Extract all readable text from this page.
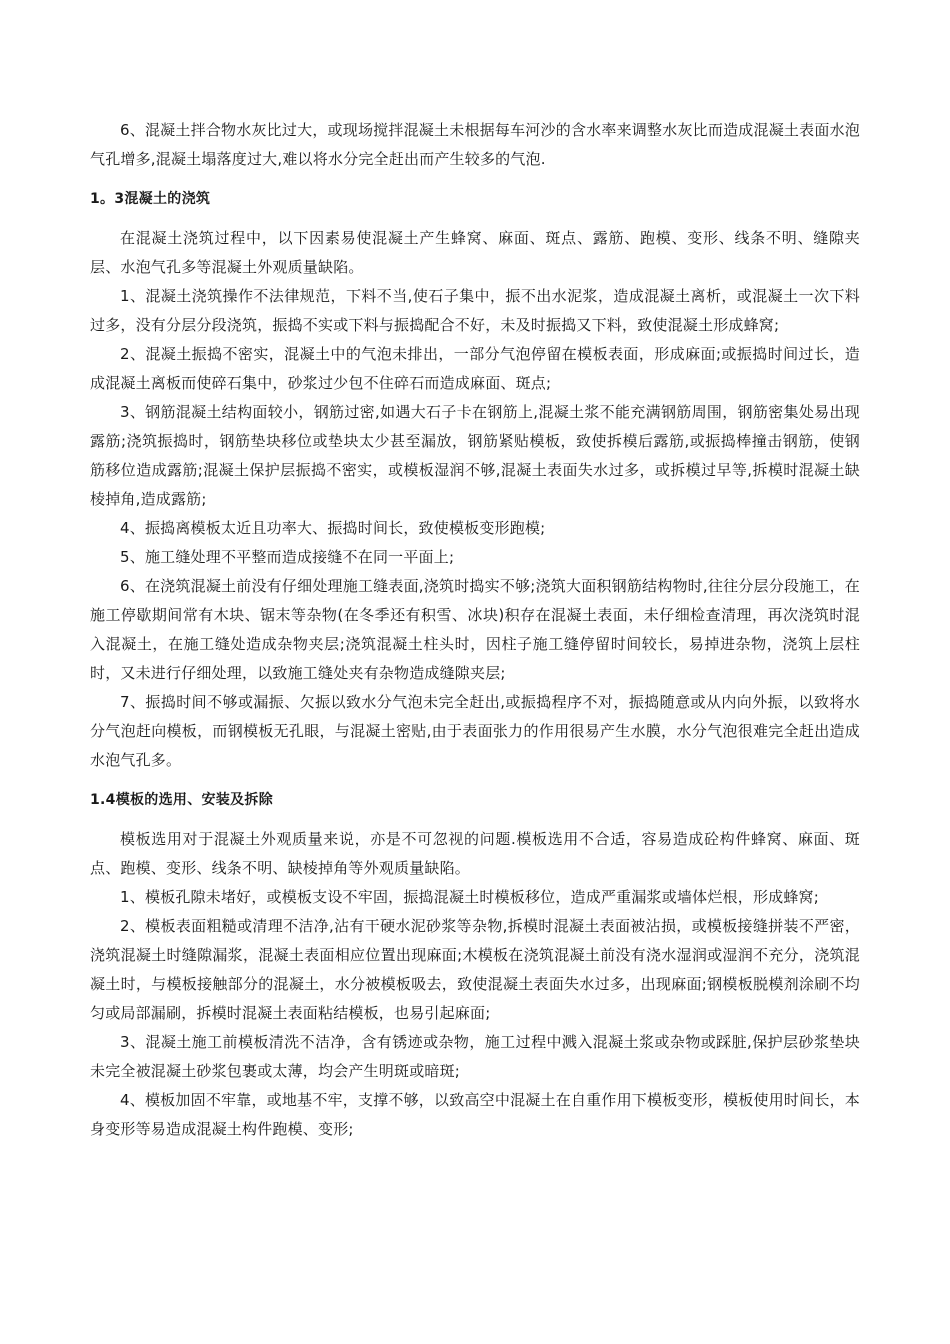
6、混凝土拌合物水灰比过大，或现场搅拌混凝土未根据每车河沙的含水率来调整水灰比而造成混凝土表面水泡气孔增多,混凝土塌落度过大,难以将水分完全赶出而产生较多的气泡.

1。3混凝土的浇筑

在混凝土浇筑过程中，以下因素易使混凝土产生蜂窝、麻面、斑点、露筋、跑模、变形、线条不明、缝隙夹层、水泡气孔多等混凝土外观质量缺陷。

1、混凝土浇筑操作不法律规范，下料不当,使石子集中，振不出水泥浆，造成混凝土离析，或混凝土一次下料过多，没有分层分段浇筑，振捣不实或下料与振捣配合不好，未及时振捣又下料，致使混凝土形成蜂窝;

2、混凝土振捣不密实，混凝土中的气泡未排出，一部分气泡停留在模板表面，形成麻面;或振捣时间过长，造成混凝土离板而使碎石集中，砂浆过少包不住碎石而造成麻面、斑点;

3、钢筋混凝土结构面较小，钢筋过密,如遇大石子卡在钢筋上,混凝土浆不能充满钢筋周围，钢筋密集处易出现露筋;浇筑振捣时，钢筋垫块移位或垫块太少甚至漏放，钢筋紧贴模板，致使拆模后露筋,或振捣棒撞击钢筋，使钢筋移位造成露筋;混凝土保护层振捣不密实，或模板湿润不够,混凝土表面失水过多，或拆模过早等,拆模时混凝土缺棱掉角,造成露筋;

4、振捣离模板太近且功率大、振捣时间长，致使模板变形跑模;

5、施工缝处理不平整而造成接缝不在同一平面上;

6、在浇筑混凝土前没有仔细处理施工缝表面,浇筑时捣实不够;浇筑大面积钢筋结构物时,往往分层分段施工，在施工停歇期间常有木块、锯末等杂物(在冬季还有积雪、冰块)积存在混凝土表面，未仔细检查清理，再次浇筑时混入混凝土，在施工缝处造成杂物夹层;浇筑混凝土柱头时，因柱子施工缝停留时间较长，易掉进杂物，浇筑上层柱时，又未进行仔细处理，以致施工缝处夹有杂物造成缝隙夹层;

7、振捣时间不够或漏振、欠振以致水分气泡未完全赶出,或振捣程序不对，振捣随意或从内向外振，以致将水分气泡赶向模板，而钢模板无孔眼，与混凝土密贴,由于表面张力的作用很易产生水膜，水分气泡很难完全赶出造成水泡气孔多。

1.4模板的选用、安装及拆除

模板选用对于混凝土外观质量来说，亦是不可忽视的问题.模板选用不合适，容易造成砼构件蜂窝、麻面、斑点、跑模、变形、线条不明、缺棱掉角等外观质量缺陷。

1、模板孔隙未堵好，或模板支设不牢固，振捣混凝土时模板移位，造成严重漏浆或墙体烂根，形成蜂窝;

2、模板表面粗糙或清理不洁净,沾有干硬水泥砂浆等杂物,拆模时混凝土表面被沾损，或模板接缝拼装不严密，浇筑混凝土时缝隙漏浆，混凝土表面相应位置出现麻面;木模板在浇筑混凝土前没有浇水湿润或湿润不充分，浇筑混凝土时，与模板接触部分的混凝土，水分被模板吸去，致使混凝土表面失水过多，出现麻面;钢模板脱模剂涂刷不均匀或局部漏刷，拆模时混凝土表面粘结模板，也易引起麻面;

3、混凝土施工前模板清洗不洁净，含有锈迹或杂物，施工过程中溅入混凝土浆或杂物或踩脏,保护层砂浆垫块未完全被混凝土砂浆包裹或太薄，均会产生明斑或暗斑;

4、模板加固不牢靠，或地基不牢，支撑不够，以致高空中混凝土在自重作用下模板变形，模板使用时间长，本身变形等易造成混凝土构件跑模、变形;
